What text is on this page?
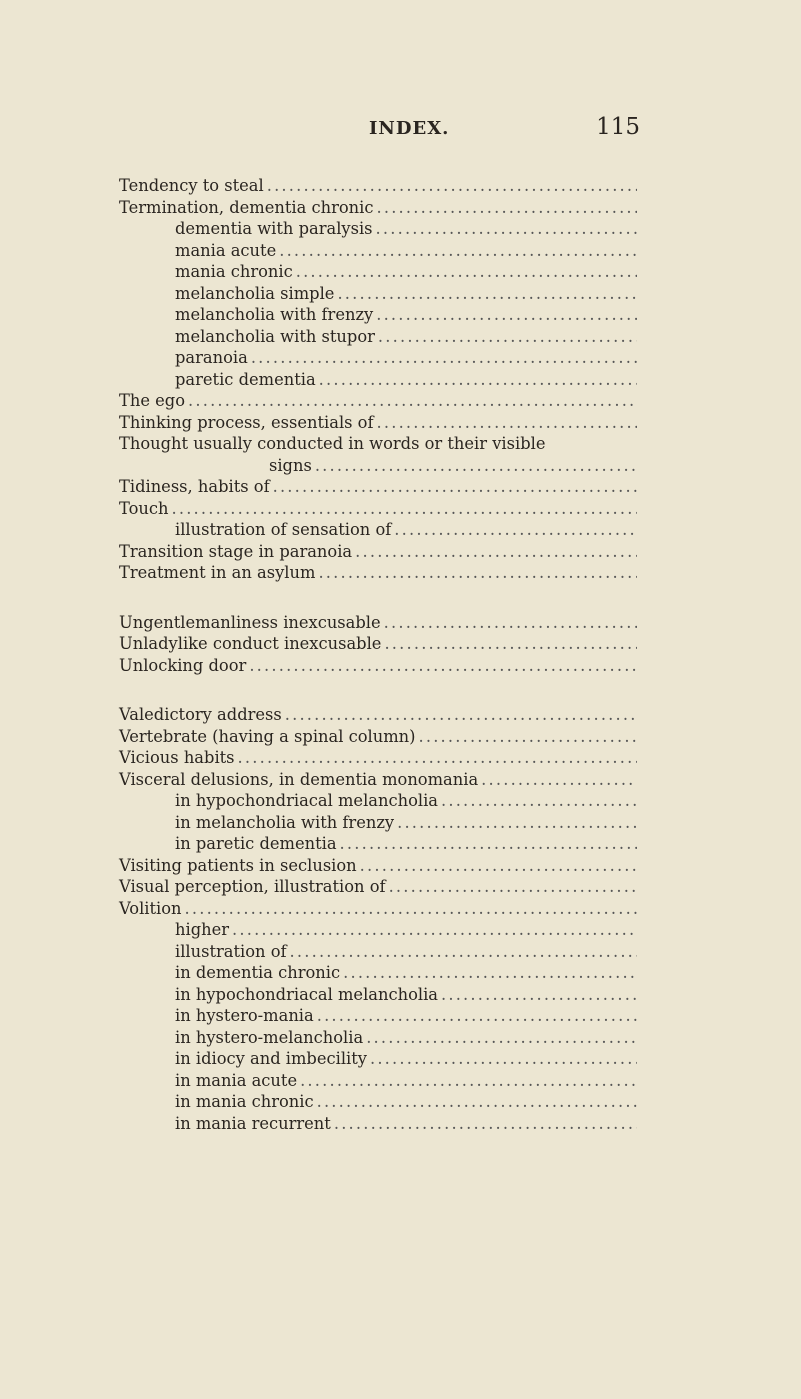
INDEX.	115
Tendency to steal
. . .
Termination, dementia chronic
. . .
dementia with paralysis
. . .
mania acute
. . .
mania chronic
. . .
melancholia simple
. . .
melancholia with frenzy
. . .
melancholia with stupor
. . .
paranoia
. . .
paretic dementia
. . .
The ego
. . .
Thinking process, essentials of
. . .
Thought usually conducted in words or their visible
signs
. . .
Tidiness, habits of
. . .
Touch
. . .
illustration of sensation of
. . .
Transition stage in paranoia
. . .
Treatment in an asylum
. . .
Ungentlemanliness inexcusable
. . .
Unladylike conduct inexcusable
. . .
Unlocking door
. . .
Valedictory address
. . .
Vertebrate (having a spinal column)
. . .
Vicious habits
. . .
Visceral delusions, in dementia monomania
. . .
in hypochondriacal melancholia
. . .
in melancholia with frenzy
. . .
in paretic dementia
. . .
Visiting patients in seclusion
. . .
Visual perception, illustration of
. . .
Volition
. . .
higher
. . .
illustration of
. . .
in dementia chronic
. . .
in hypochondriacal melancholia
. . .
in hystero-mania
. . .
in hystero-melancholia
. . .
in idiocy and imbecility
. . .
in mania acute
. . .
in mania chronic
. . .
in mania recurrent
. . .
